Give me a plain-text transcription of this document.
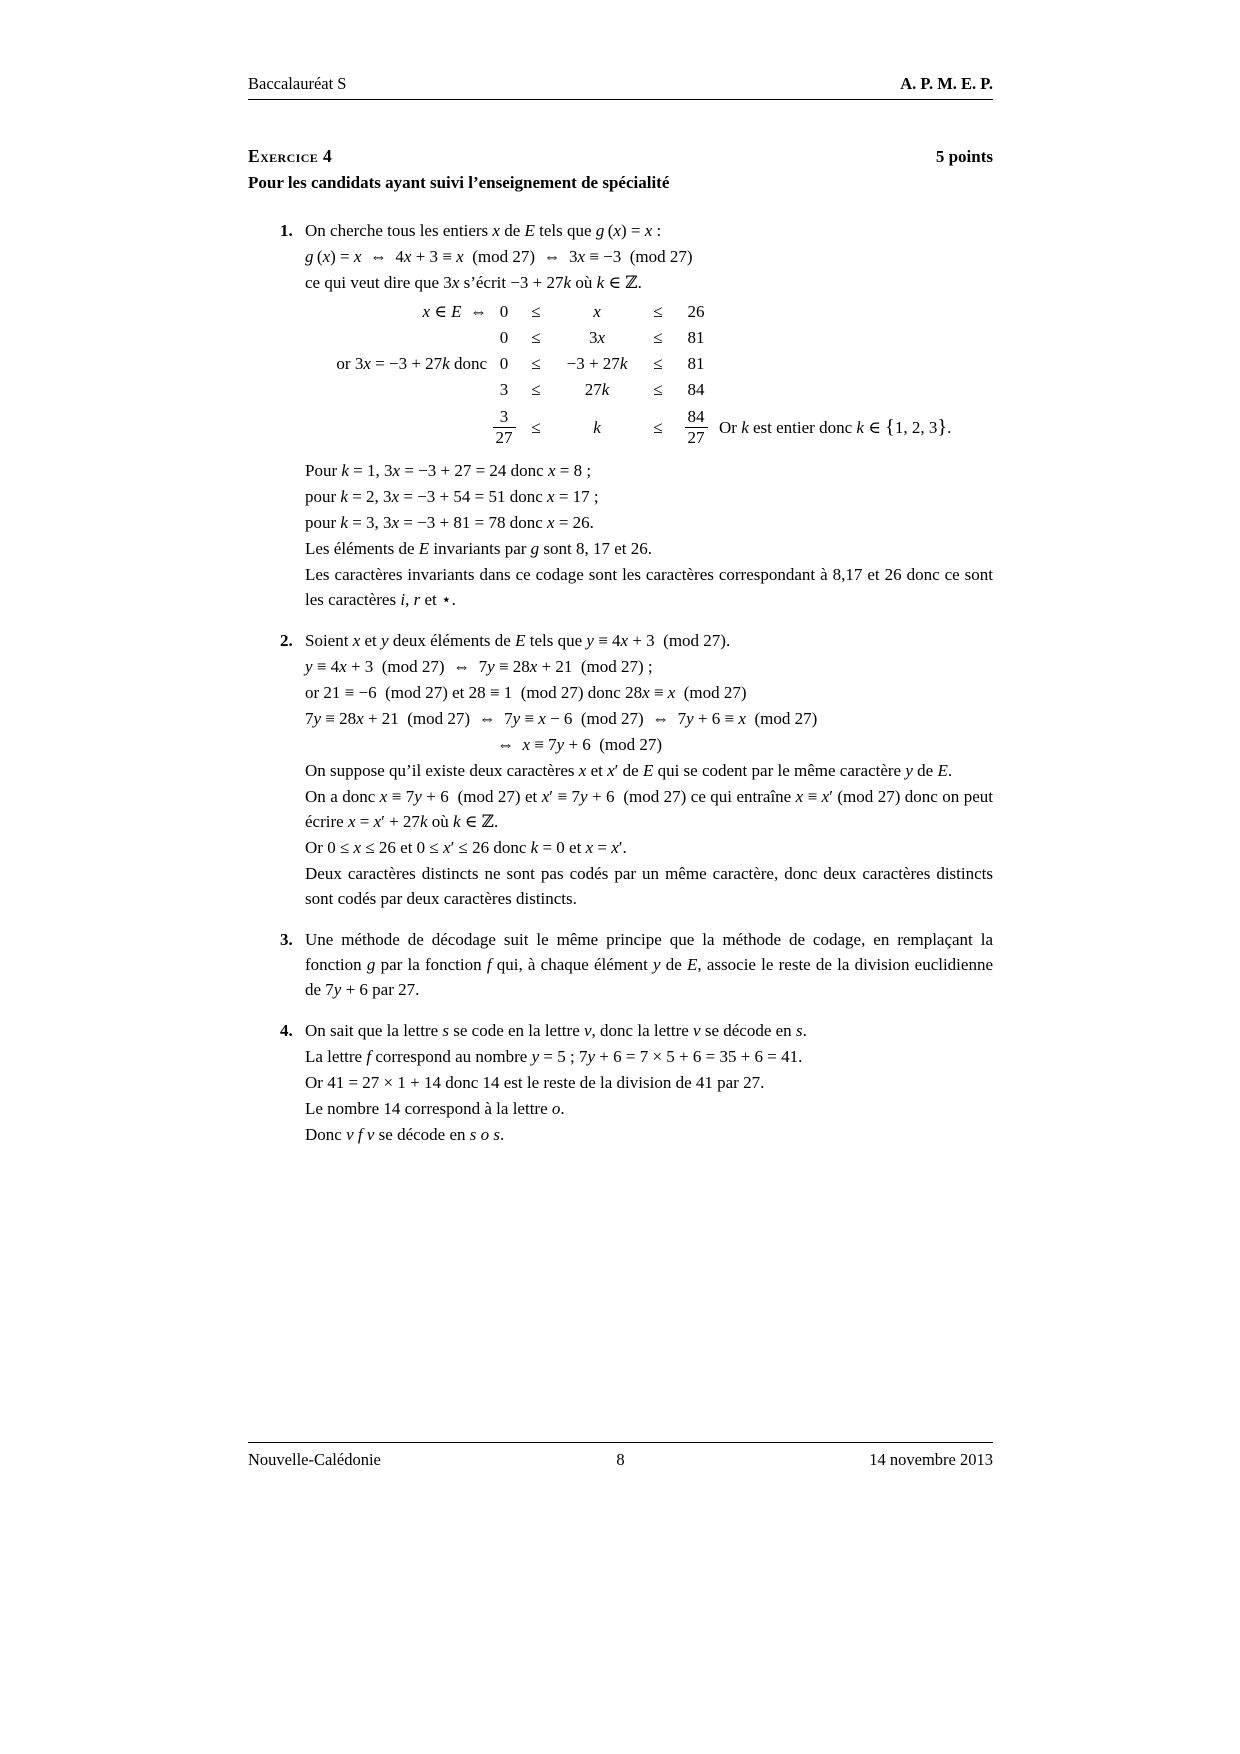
Baccalauréat S	A. P. M. E. P.
Exercice 4	5 points
Pour les candidats ayant suivi l’enseignement de spécialité
1. On cherche tous les entiers x de E tels que g (x) = x :
g (x) = x  ⇔  4x + 3 ≡ x  (mod 27)  ⇔  3x ≡ −3  (mod 27)
ce qui veut dire que 3x s’écrit −3 + 27k où k ∈ ℤ.
x ∈ E  ⇔	0	≤	x	≤	26	
	0	≤	3x	≤	81	
or 3x = −3 + 27k donc	0	≤	−3 + 27k	≤	81	
	3	≤	27k	≤	84	

	$\frac{3}{27}$	≤	k	≤	$\frac{84}{27}$	Or k est entier donc k ∈ {1, 2, 3}.
Pour k = 1, 3x = −3 + 27 = 24 donc x = 8 ;
pour k = 2, 3x = −3 + 54 = 51 donc x = 17 ;
pour k = 3, 3x = −3 + 81 = 78 donc x = 26.
Les éléments de E invariants par g sont 8, 17 et 26.
Les caractères invariants dans ce codage sont les caractères correspondant à 8,17 et 26 donc ce sont les caractères i, r et ⋆.
2. Soient x et y deux éléments de E tels que y ≡ 4x + 3  (mod 27).
y ≡ 4x + 3  (mod 27)  ⇔  7y ≡ 28x + 21  (mod 27) ;
or 21 ≡ −6  (mod 27) et 28 ≡ 1  (mod 27) donc 28x ≡ x  (mod 27)
7y ≡ 28x + 21  (mod 27)  ⇔  7y ≡ x − 6  (mod 27)  ⇔  7y + 6 ≡ x  (mod 27)
⇔  x ≡ 7y + 6  (mod 27)
On suppose qu’il existe deux caractères x et x′ de E qui se codent par le même caractère y de E.
On a donc x ≡ 7y + 6  (mod 27) et x′ ≡ 7y + 6  (mod 27) ce qui entraîne x ≡ x′ (mod 27) donc on peut écrire x = x′ + 27k où k ∈ ℤ.
Or 0 ≤ x ≤ 26 et 0 ≤ x′ ≤ 26 donc k = 0 et x = x′.
Deux caractères distincts ne sont pas codés par un même caractère, donc deux caractères distincts sont codés par deux caractères distincts.
3. Une méthode de décodage suit le même principe que la méthode de codage, en remplaçant la fonction g par la fonction f qui, à chaque élément y de E, associe le reste de la division euclidienne de 7y + 6 par 27.
4. On sait que la lettre s se code en la lettre v, donc la lettre v se décode en s.
La lettre f correspond au nombre y = 5 ; 7y + 6 = 7 × 5 + 6 = 35 + 6 = 41.
Or 41 = 27 × 1 + 14 donc 14 est le reste de la division de 41 par 27.
Le nombre 14 correspond à la lettre o.
Donc v f v se décode en s o s.
Nouvelle-Calédonie	8	14 novembre 2013
